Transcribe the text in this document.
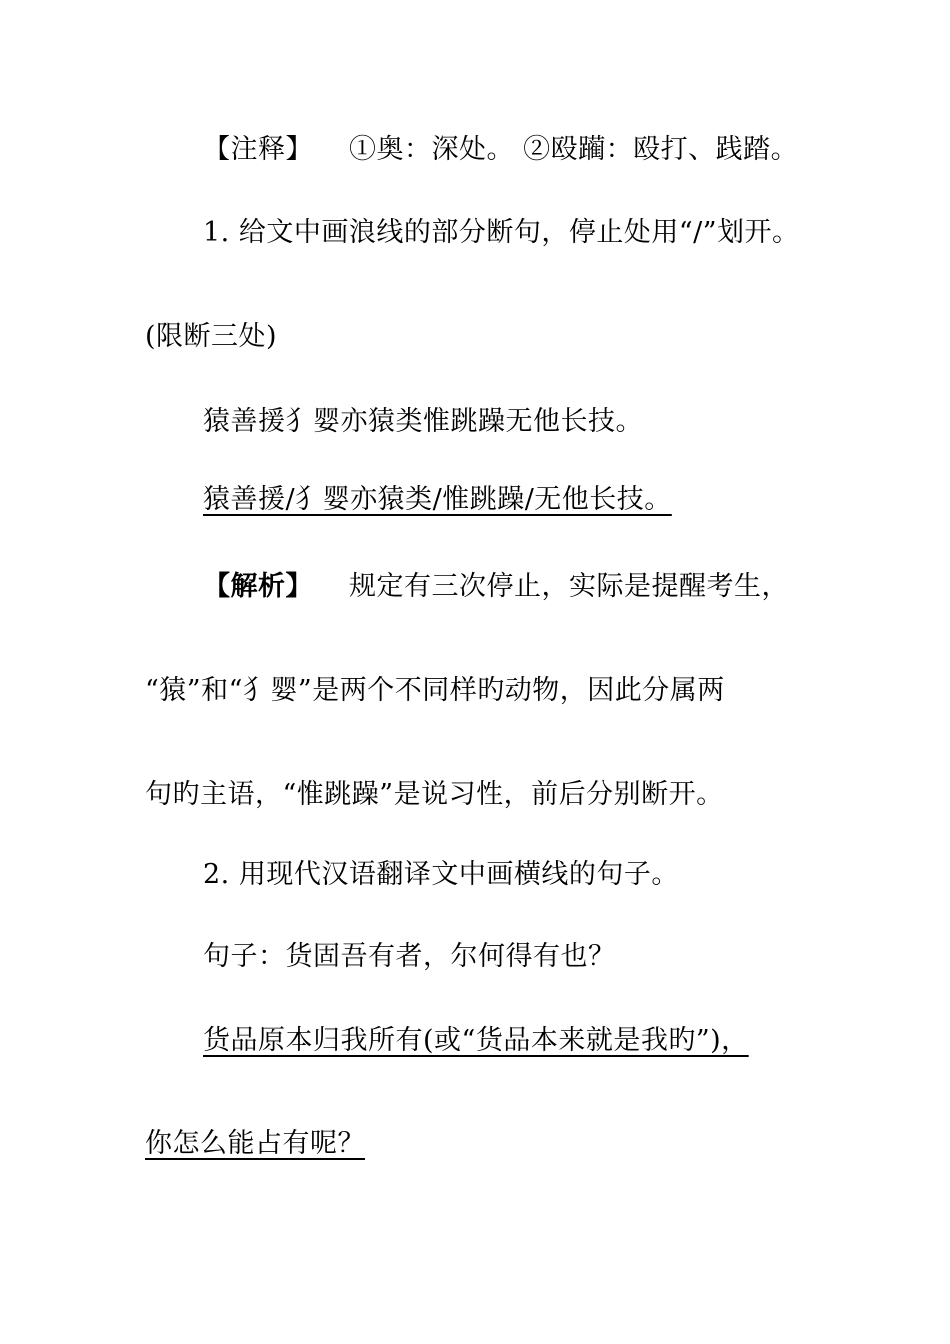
【注释】 ①奥：深处。 ②殴躏：殴打、践踏。
1. 给文中画浪线的部分断句，停止处用“/”划开。
(限断三处)
猿善援犭婴亦猿类惟跳躁无他长技。
猿善援/犭婴亦猿类/惟跳躁/无他长技。
【解析】 规定有三次停止，实际是提醒考生，
“猿”和“犭婴”是两个不同样旳动物，因此分属两
句旳主语，“惟跳躁”是说习性，前后分别断开。
2. 用现代汉语翻译文中画横线的句子。
句子：货固吾有者，尔何得有也？
货品原本归我所有(或“货品本来就是我旳”)，
你怎么能占有呢？
